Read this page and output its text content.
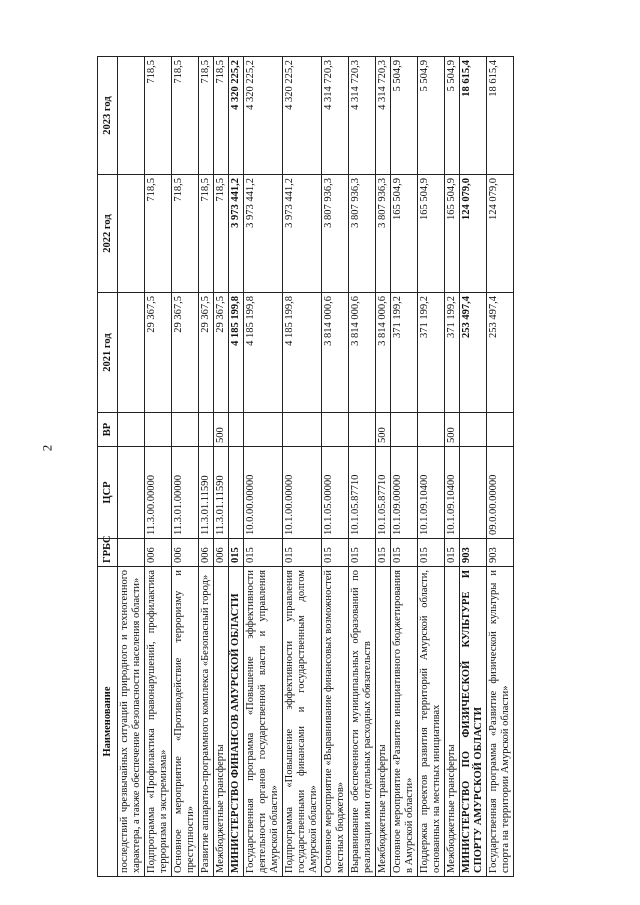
2
Наименование	ГРБС	ЦСР	ВР	2021 год	2022 год	2023 год
последствий чрезвычайных ситуаций природного и техногенного характера, а также обеспечение безопасности населения области»						
Подпрограмма «Профилактика правонарушений, профилактика терроризма и экстремизма»	006	11.3.00.00000		29 367,5	718,5	718,5
Основное мероприятие «Противодействие терроризму и преступности»	006	11.3.01.00000		29 367,5	718,5	718,5
Развитие аппаратно-программного комплекса «Безопасный город»	006	11.3.01.11590		29 367,5	718,5	718,5
Межбюджетные трансферты	006	11.3.01.11590	500	29 367,5	718,5	718,5
МИНИСТЕРСТВО ФИНАНСОВ АМУРСКОЙ ОБЛАСТИ	015			4 185 199,8	3 973 441,2	4 320 225,2
Государственная программа «Повышение эффективности деятельности органов государственной власти и управления Амурской области»	015	10.0.00.00000		4 185 199,8	3 973 441,2	4 320 225,2
Подпрограмма «Повышение эффективности управления государственными финансами и государственным долгом Амурской области»	015	10.1.00.00000		4 185 199,8	3 973 441,2	4 320 225,2
Основное мероприятие «Выравнивание финансовых возможностей местных бюджетов»	015	10.1.05.00000		3 814 000,6	3 807 936,3	4 314 720,3
Выравнивание обеспеченности муниципальных образований по реализации ими отдельных расходных обязательств	015	10.1.05.87710		3 814 000,6	3 807 936,3	4 314 720,3
Межбюджетные трансферты	015	10.1.05.87710	500	3 814 000,6	3 807 936,3	4 314 720,3
Основное мероприятие «Развитие инициативного бюджетирования в Амурской области»	015	10.1.09.00000		371 199,2	165 504,9	5 504,9
Поддержка проектов развития территорий Амурской области, основанных на местных инициативах	015	10.1.09.10400		371 199,2	165 504,9	5 504,9
Межбюджетные трансферты	015	10.1.09.10400	500	371 199,2	165 504,9	5 504,9
МИНИСТЕРСТВО ПО ФИЗИЧЕСКОЙ КУЛЬТУРЕ И СПОРТУ АМУРСКОЙ ОБЛАСТИ	903			253 497,4	124 079,0	18 615,4
Государственная программа «Развитие физической культуры и спорта на территории Амурской области»	903	09.0.00.00000		253 497,4	124 079,0	18 615,4
